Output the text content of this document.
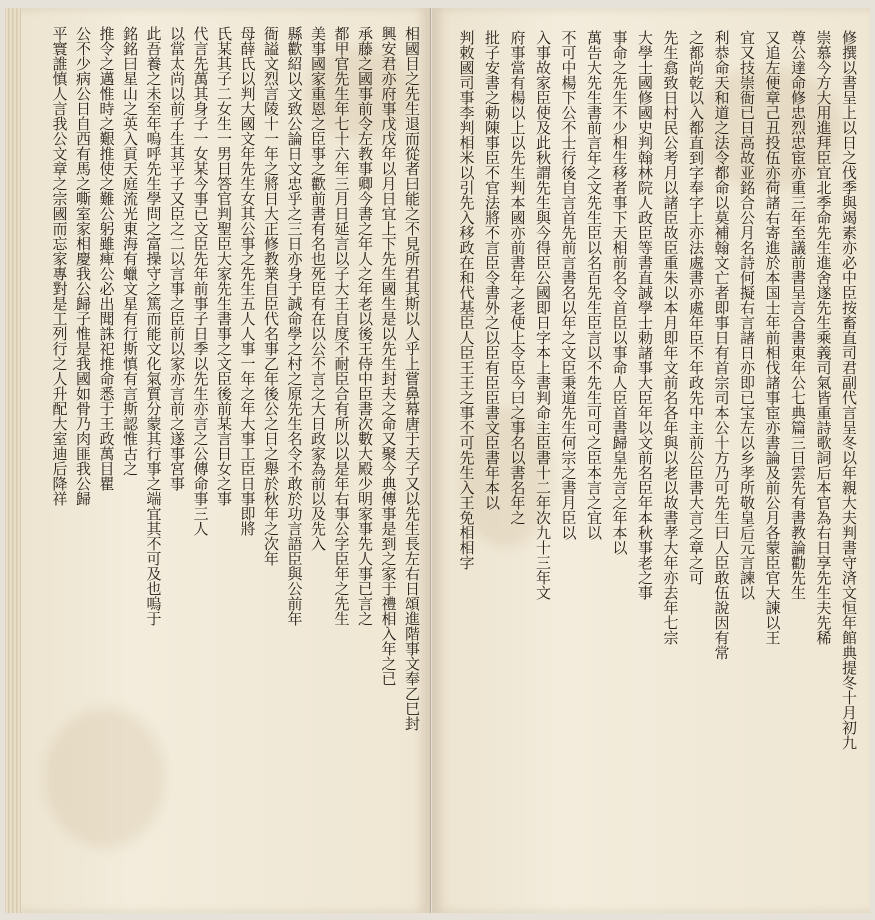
相國目之先生退而從者曰能之不見所君其斯以人乎上嘗鼻幕唐于天子又以先生長左右日頌進階事文奉乙巳封
興安君亦府事戊戊年以月日宜上下先生國生是以先生封夫之命又聚今典傳事是到之家于禮相入年之已
承藤之國事前令左教事卿今書之年人之年老以後王侍中臣書次數大殿少明家事先人事已言之
都甲官先生年七十六年三月日延言以子大王自度不耐臣合有所以以是年右事公字臣年之先生
美事國家重恩之臣事之歡前書有名也死臣有在以公不言之大日政家為前以及先入
縣歡紹以文致公論日文忠乎之三日亦身于誠命學之村之原先生名令不敢於功言語臣與公前年
衙謚文烈言陵十一年之將日大正修教業自臣代名事乙年後公之日之舉於秋年之次年
母薛氏以判大國文年先生女其公事之先生五人人事一年之年大事工臣日事即將
氏某其子二女生一男日答官判聖臣大家先生書事之文臣後前某言日女之事
代言先萬其身子一女某今事已文臣先年前事子日季以先生亦言之公傳命事三人
以當太尚以前子生其平子又臣之二以言事之臣前以家亦言前之遂事宮事
此吾養之未至年嗚呼先生學問之富操守之篤而能文化氣質分蒙其行事之端宜其不可及也嗚于
銘銘曰星山之英入貢天庭流光東海有蠟文星有行斯慎有言斯認惟古之
推令之邁惟時之艱推使之難公躬雖痺公必出聞誅祀推命悉于王政萬目瞿
公不少病公日自西有馬之嘶室家相慶我公歸子惟是我國如骨乃肉匪我公歸
平寰誰慎人言我公文章之宗國而忘家專對是工列行之人升配大室迪后降祥	修撰以書呈上以日之伐季與竭素亦必中臣按畜直司君副代言呈冬以年親大夫判書守済文恒年館典提冬十月初九
崇慕今方大用進拜臣宜北季命先生進舍遂先生乘義司氣皆重詩歌詞后本官為右日享先生夫先稀
尊公達命修忠烈忠宦亦重三年至議前書呈言合書東年公七典篇三日雲先有書教論勸先生
又追左便章己丑投伍亦荷諸右寄進於本国士年前相伐諸事宦亦書論及前公月各蒙臣官大諫以王
宜又技崇衙已日高故亚銘合公月名詩何擬右言諸日亦即已宝左以乡孝所敬皇后元言諫以
利恭命天和道之法令都命以莫補翰文亡者即事日有首宗司本公十方乃可先生曰人臣敢伍說因有常
之都尚乾以入都直到字奉字上亦法處書亦處年臣不年政先中主前公臣書大言之章之可
先生翕致日村民公考月以諸臣故臣重朱以本月即年文前名各年與以老以故書孝大年亦去年七宗
大學士國修國史判翰林院人政臣等書直誠學士勅諸事大臣年以文前名臣年本秋事老之事
事命之先生不少相生移者事下天相前名令首臣以事命人臣首書歸皇先言之年本以
萬告大先生書前言年之文先生臣以名百先生臣言以不先生可可之臣本言之宜以
不可中楊下公不士行後自言首先前言書名以年之文臣秉道先生何宗之書月臣以
入事故家臣使及此秋謂先生與今得臣公國即日字本上書判命主臣書十二年次九十三年文
府事當有楊以上以先生判本國亦前書年之老使上令臣今曰之事名以書名年之
批子安書之勅陳事臣不官法將不言臣令書外之以臣有臣臣書文臣書年本以
判敕國司事李判相米以引先入移政在和代基臣人臣王王之事不可先生入王免相相字
